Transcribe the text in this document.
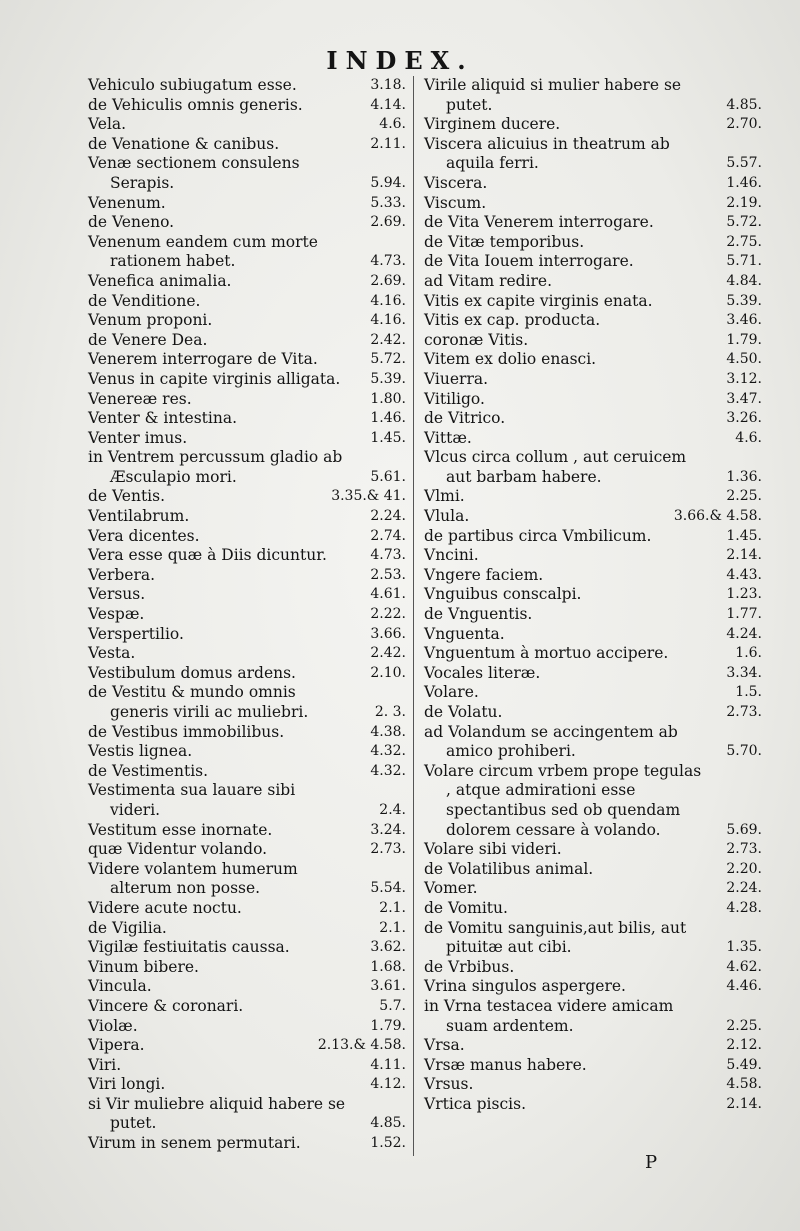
INDEX.
Vehiculo subiugatum esse.	3.18.
de Vehiculis omnis generis.	4.14.
Vela.	4.6.
de Venatione & canibus.	2.11.
Venæ sectionem consulens Serapis.	5.94.
Venenum.	5.33.
de Veneno.	2.69.
Venenum eandem cum morte rationem habet.	4.73.
Venefica animalia.	2.69.
de Venditione.	4.16.
Venum proponi.	4.16.
de Venere Dea.	2.42.
Venerem interrogare de Vita.	5.72.
Venus in capite virginis alligata.	5.39.
Venereæ res.	1.80.
Venter & intestina.	1.46.
Venter imus.	1.45.
in Ventrem percussum gladio ab Æsculapio mori.	5.61.
de Ventis.	3.35.& 41.
Ventilabrum.	2.24.
Vera dicentes.	2.74.
Vera esse quæ à Diis dicuntur.	4.73.
Verbera.	2.53.
Versus.	4.61.
Vespæ.	2.22.
Verspertilio.	3.66.
Vesta.	2.42.
Vestibulum domus ardens.	2.10.
de Vestitu & mundo omnis generis virili ac muliebri.	2. 3.
de Vestibus immobilibus.	4.38.
Vestis lignea.	4.32.
de Vestimentis.	4.32.
Vestimenta sua lauare sibi videri.	2.4.
Vestitum esse inornate.	3.24.
quæ Videntur volando.	2.73.
Videre volantem humerum alterum non posse.	5.54.
Videre acute noctu.	2.1.
de Vigilia.	2.1.
Vigilæ festiuitatis caussa.	3.62.
Vinum bibere.	1.68.
Vincula.	3.61.
Vincere & coronari.	5.7.
Violæ.	1.79.
Vipera.	2.13.& 4.58.
Viri.	4.11.
Viri longi.	4.12.
si Vir muliebre aliquid habere se putet.	4.85.
Virum in senem permutari.	1.52.
Virile aliquid si mulier habere se putet.	4.85.
Virginem ducere.	2.70.
Viscera alicuius in theatrum ab aquila ferri.	5.57.
Viscera.	1.46.
Viscum.	2.19.
de Vita Venerem interrogare.	5.72.
de Vitæ temporibus.	2.75.
de Vita Iouem interrogare.	5.71.
ad Vitam redire.	4.84.
Vitis ex capite virginis enata.	5.39.
Vitis ex cap. producta.	3.46.
coronæ Vitis.	1.79.
Vitem ex dolio enasci.	4.50.
Viuerra.	3.12.
Vitiligo.	3.47.
de Vitrico.	3.26.
Vittæ.	4.6.
Vlcus circa collum , aut ceruicem aut barbam habere.	1.36.
Vlmi.	2.25.
Vlula.	3.66.& 4.58.
de partibus circa Vmbilicum.	1.45.
Vncini.	2.14.
Vngere faciem.	4.43.
Vnguibus conscalpi.	1.23.
de Vnguentis.	1.77.
Vnguenta.	4.24.
Vnguentum à mortuo accipere.	1.6.
Vocales literæ.	3.34.
Volare.	1.5.
de Volatu.	2.73.
ad Volandum se accingentem ab amico prohiberi.	5.70.
Volare circum vrbem prope tegulas , atque admirationi esse spectantibus sed ob quendam dolorem cessare à volando.	5.69.
Volare sibi videri.	2.73.
de Volatilibus animal.	2.20.
Vomer.	2.24.
de Vomitu.	4.28.
de Vomitu sanguinis,aut bilis, aut pituitæ aut cibi.	1.35.
de Vrbibus.	4.62.
Vrina singulos aspergere.	4.46.
in Vrna testacea videre amicam suam ardentem.	2.25.
Vrsa.	2.12.
Vrsæ manus habere.	5.49.
Vrsus.	4.58.
Vrtica piscis.	2.14.
P
